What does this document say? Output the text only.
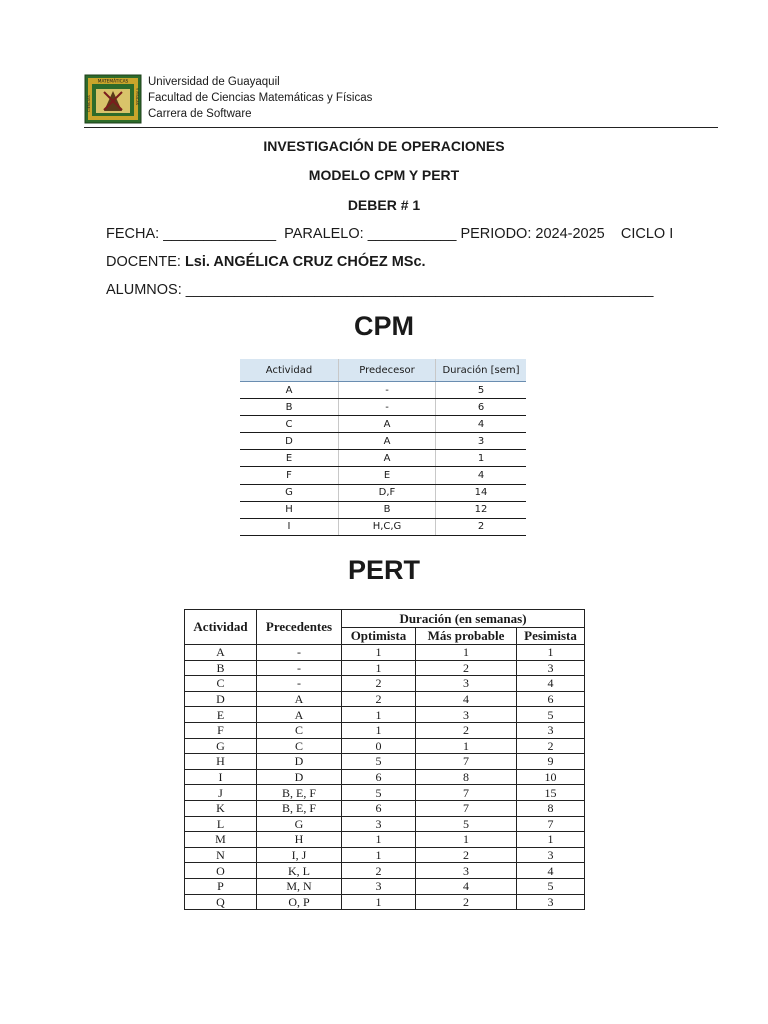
MATEMÁTICAS
CIENCIAS	Y FÍSICAS
Universidad de Guayaquil
Facultad de Ciencias Matemáticas y Físicas
Carrera de Software
INVESTIGACIÓN DE OPERACIONES
MODELO CPM Y PERT
DEBER # 1
FECHA: ______________  PARALELO: ___________ PERIODO: 2024-2025    CICLO I
DOCENTE: Lsi. ANGÉLICA CRUZ CHÓEZ MSc.
ALUMNOS: __________________________________________________________
CPM
Actividad	Predecesor	Duración [sem]
A	-	5
B	-	6
C	A	4
D	A	3
E	A	1
F	E	4
G	D,F	14
H	B	12
I	H,C,G	2
PERT
Actividad	Precedentes	Duración (en semanas)		
		Optimista	Más probable	Pesimista
A	-	1	1	1
B	-	1	2	3
C	-	2	3	4
D	A	2	4	6
E	A	1	3	5
F	C	1	2	3
G	C	0	1	2
H	D	5	7	9
I	D	6	8	10
J	B, E, F	5	7	15
K	B, E, F	6	7	8
L	G	3	5	7
M	H	1	1	1
N	I, J	1	2	3
O	K, L	2	3	4
P	M, N	3	4	5
Q	O, P	1	2	3
